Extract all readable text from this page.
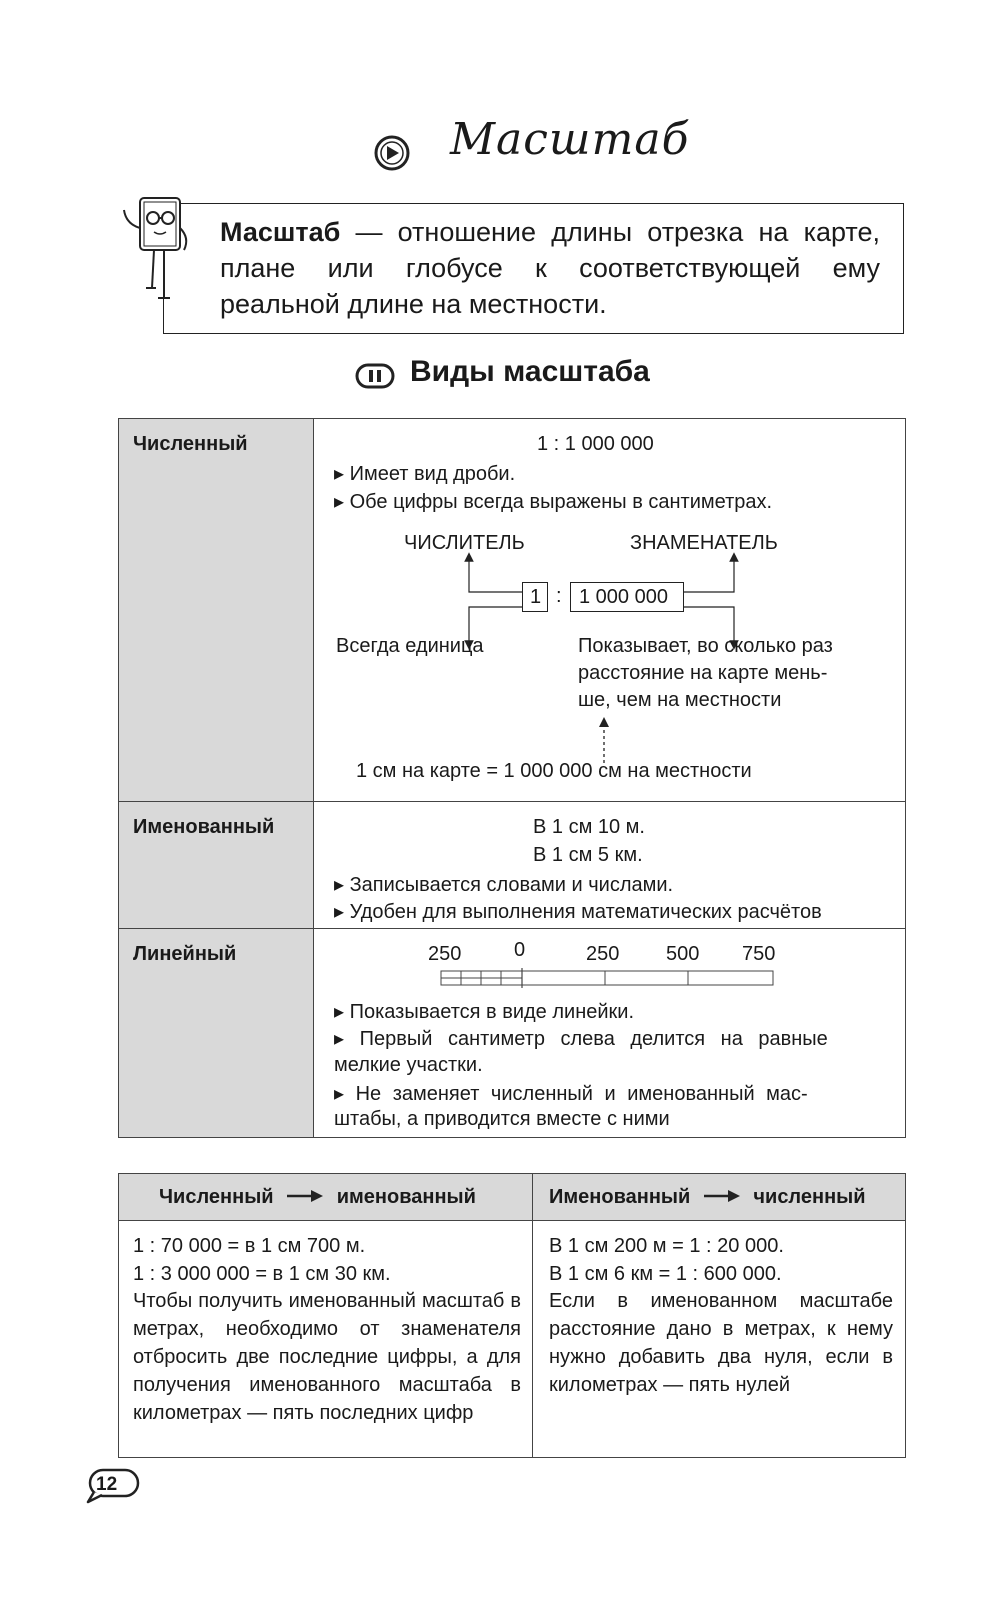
Масштаб
Масштаб — отношение длины отрезка на карте, плане или глобусе к соответствующей ему реальной длине на местности.
Виды масштаба
Численный	1 : 1 000 000
▸ Имеет вид дроби.
▸ Обе цифры всегда выражены в сантиметрах.
ЧИСЛИТЕЛЬ	ЗНАМЕНАТЕЛЬ
1 : 1 000 000
Всегда единица	Показывает, во сколько раз
расстояние на карте мень-
ше, чем на местности
1 см на карте = 1 000 000 см на местности
Именованный	В 1 см 10 м.
В 1 см 5 км.
▸ Записывается словами и числами.
▸ Удобен для выполнения математических расчётов
Линейный	250	0	250 500 750
▸ Показывается в виде линейки.
▸ Первый сантиметр слева делится на равные
мелкие участки.
▸ Не заменяет численный и именованный мас-
штабы, а приводится вместе с ними
Численный	именованный	Именованный	численный
1 : 70 000 = в 1 см 700 м.
1 : 3 000 000 = в 1 см 30 км.
Чтобы получить именованный масштаб в метрах, необходимо от знаменателя отбросить две последние цифры, а для получения именованного масштаба в километрах — пять последних цифр
В 1 см 200 м = 1 : 20 000.
В 1 см 6 км = 1 : 600 000.
Если в именованном масштабе расстояние дано в метрах, к нему нужно добавить два нуля, если в километрах — пять нулей
12
